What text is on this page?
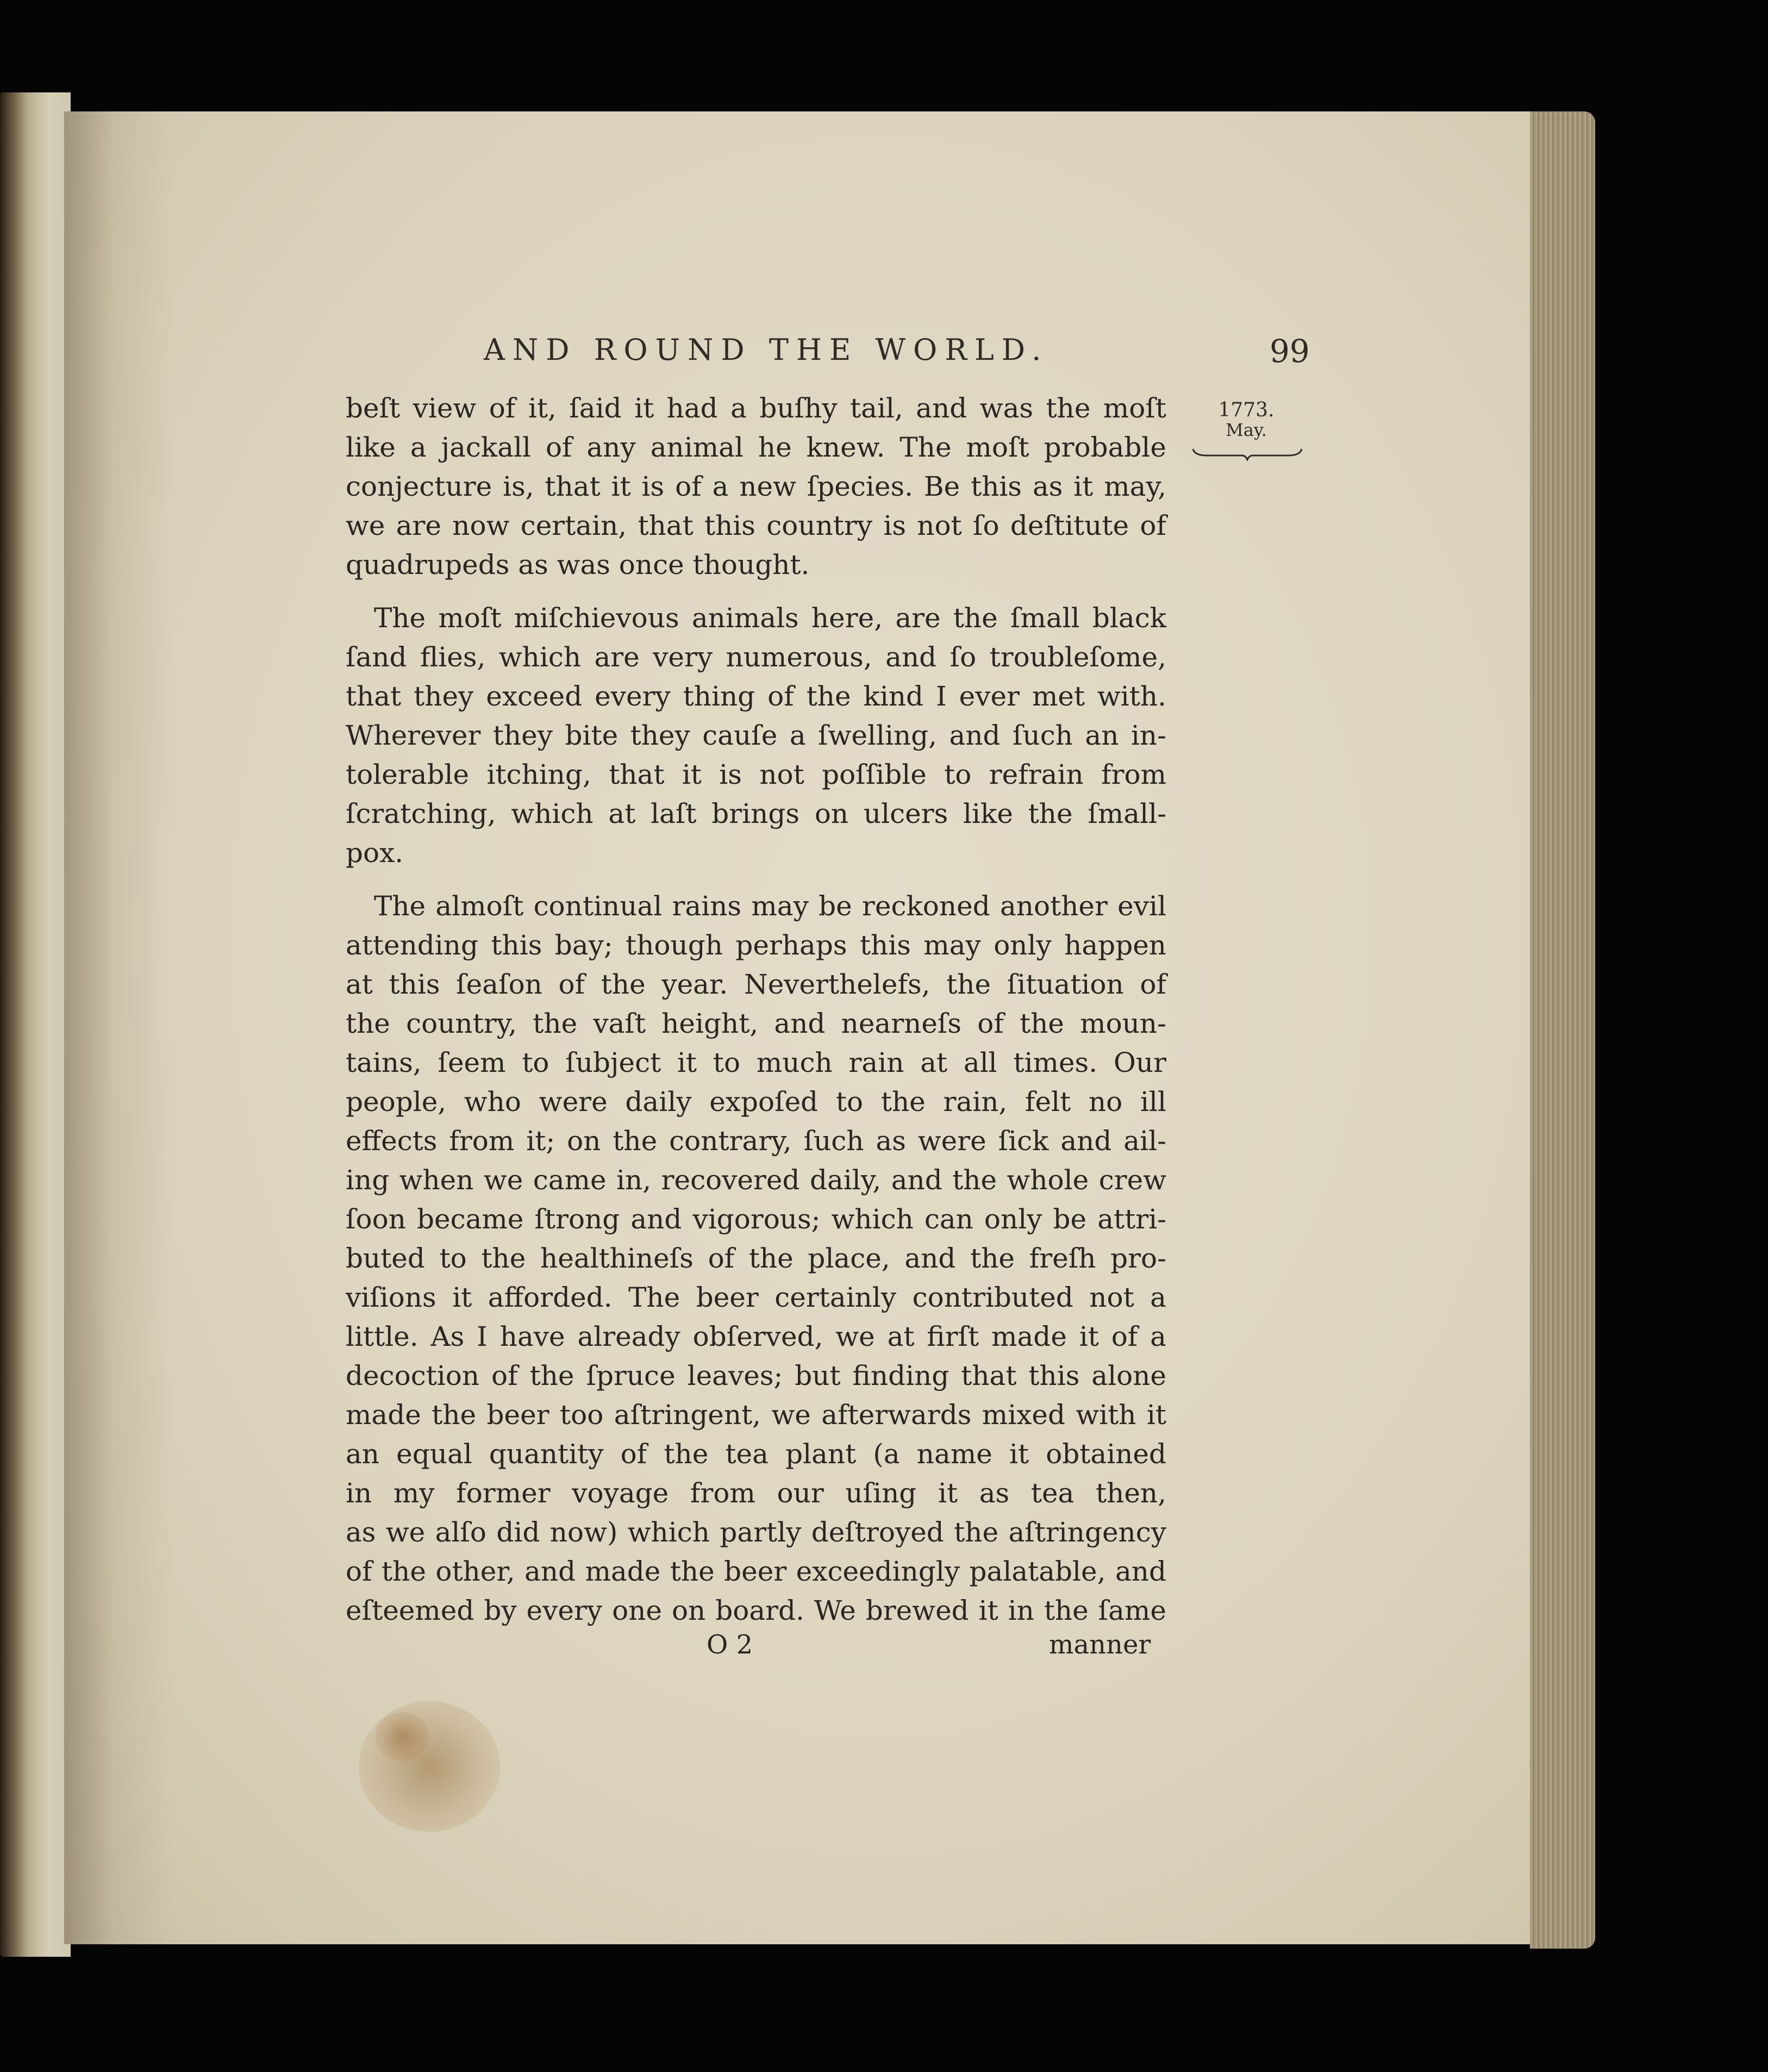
AND ROUND THE WORLD.	99
1773.
May.
beſt view of it, ſaid it had a buſhy tail, and was the moſt
like a jackall of any animal he knew. The moſt probable
conjecture is, that it is of a new ſpecies. Be this as it may,
we are now certain, that this country is not ſo deſtitute of
quadrupeds as was once thought.
The moſt miſchievous animals here, are the ſmall black
ſand flies, which are very numerous, and ſo troubleſome,
that they exceed every thing of the kind I ever met with.
Wherever they bite they cauſe a ſwelling, and ſuch an in-
tolerable itching, that it is not poſſible to refrain from
ſcratching, which at laſt brings on ulcers like the ſmall-
pox.
The almoſt continual rains may be reckoned another evil
attending this bay; though perhaps this may only happen
at this ſeaſon of the year. Neverthelefs, the ſituation of
the country, the vaſt height, and nearneſs of the moun-
tains, ſeem to ſubject it to much rain at all times. Our
people, who were daily expoſed to the rain, felt no ill
effects from it; on the contrary, ſuch as were ſick and ail-
ing when we came in, recovered daily, and the whole crew
ſoon became ſtrong and vigorous; which can only be attri-
buted to the healthineſs of the place, and the freſh pro-
viſions it afforded. The beer certainly contributed not a
little. As I have already obſerved, we at firſt made it of a
decoction of the ſpruce leaves; but finding that this alone
made the beer too aſtringent, we afterwards mixed with it
an equal quantity of the tea plant (a name it obtained
in my former voyage from our uſing it as tea then,
as we alſo did now) which partly deſtroyed the aſtringency
of the other, and made the beer exceedingly palatable, and
eſteemed by every one on board. We brewed it in the ſame
O 2	manner
